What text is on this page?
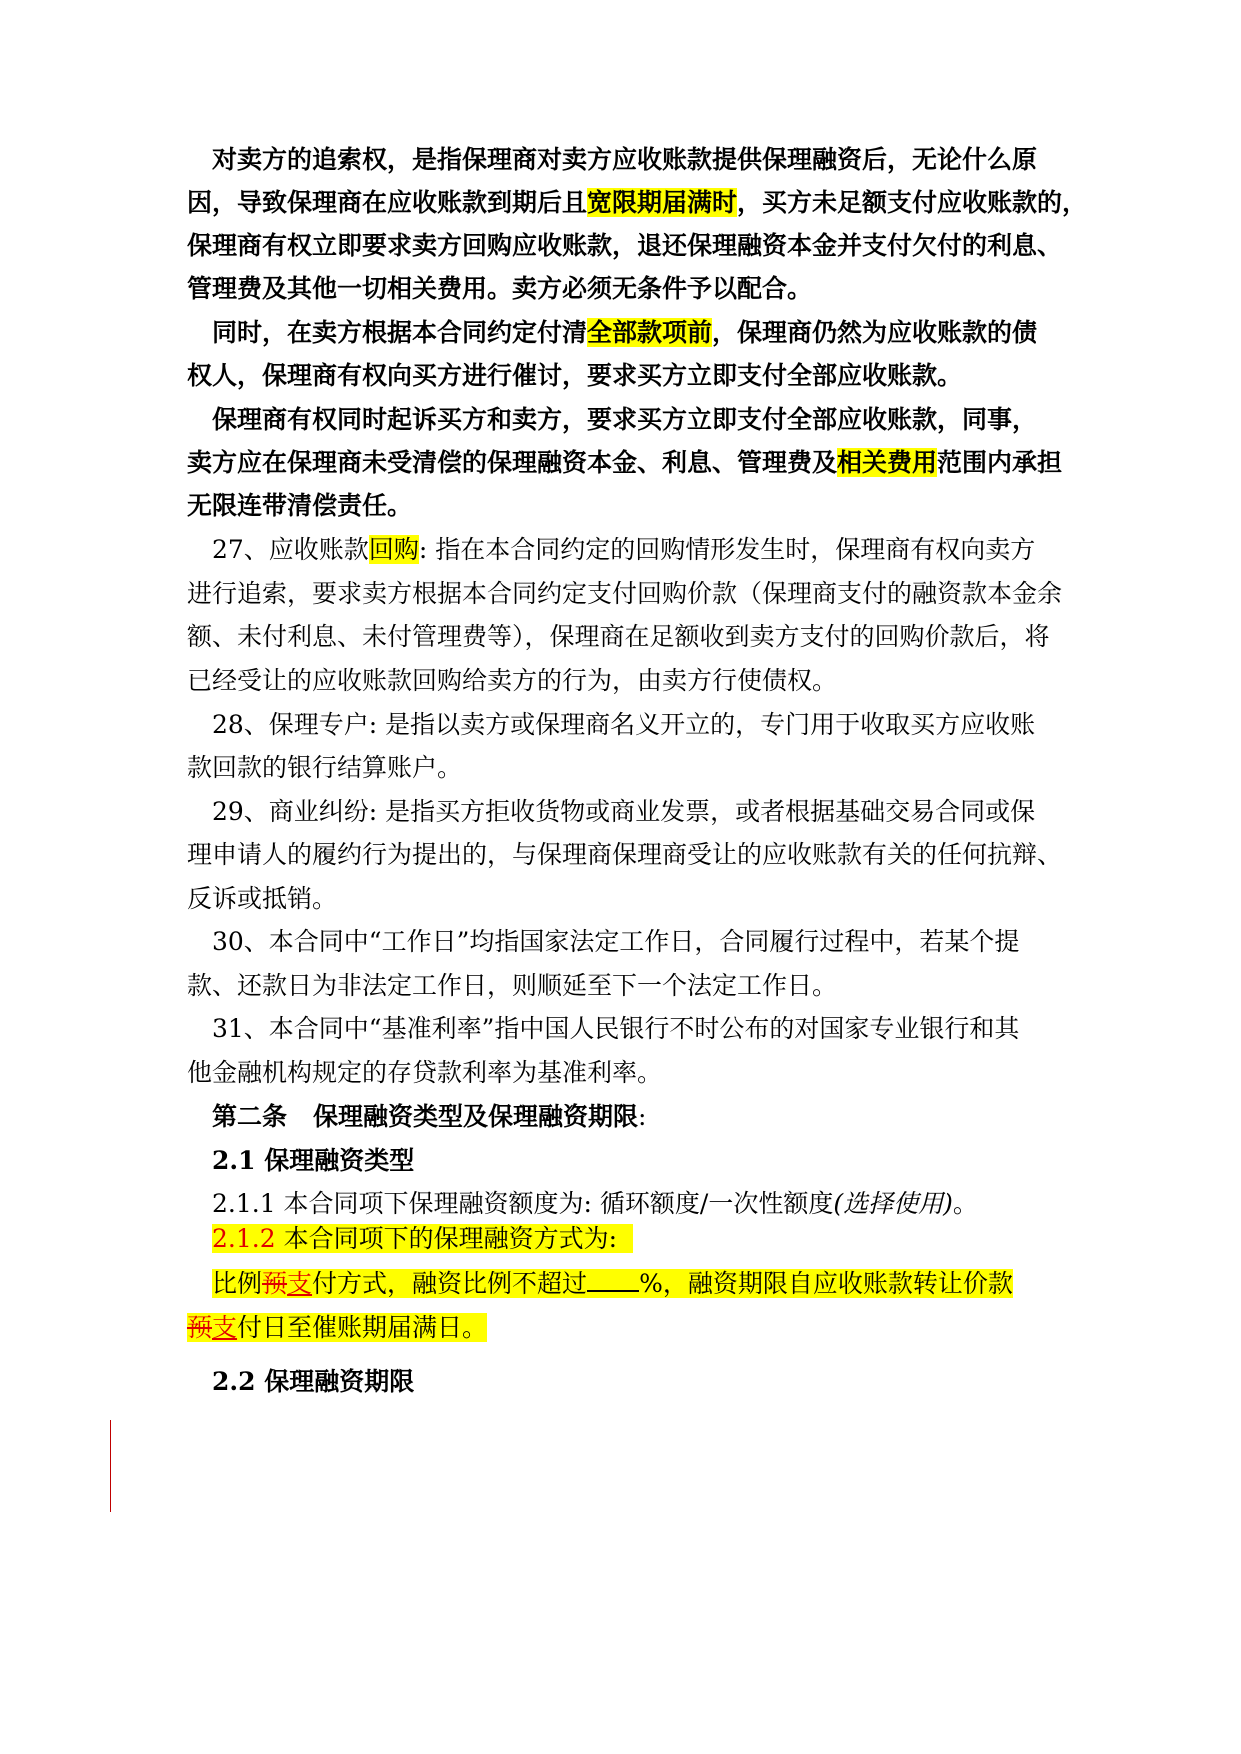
对卖方的追索权，是指保理商对卖方应收账款提供保理融资后，无论什么原
因，导致保理商在应收账款到期后且宽限期届满时，买方未足额支付应收账款的，
保理商有权立即要求卖方回购应收账款，退还保理融资本金并支付欠付的利息、
管理费及其他一切相关费用。卖方必须无条件予以配合。
同时，在卖方根据本合同约定付清全部款项前，保理商仍然为应收账款的债
权人，保理商有权向买方进行催讨，要求买方立即支付全部应收账款。
保理商有权同时起诉买方和卖方，要求买方立即支付全部应收账款，同事，
卖方应在保理商未受清偿的保理融资本金、利息、管理费及相关费用范围内承担
无限连带清偿责任。
27、应收账款回购: 指在本合同约定的回购情形发生时，保理商有权向卖方
进行追索，要求卖方根据本合同约定支付回购价款（保理商支付的融资款本金余
额、未付利息、未付管理费等），保理商在足额收到卖方支付的回购价款后，将
已经受让的应收账款回购给卖方的行为，由卖方行使债权。
28、保理专户: 是指以卖方或保理商名义开立的，专门用于收取买方应收账
款回款的银行结算账户。
29、商业纠纷: 是指买方拒收货物或商业发票，或者根据基础交易合同或保
理申请人的履约行为提出的，与保理商保理商受让的应收账款有关的任何抗辩、
反诉或抵销。
30、本合同中“工作日”均指国家法定工作日，合同履行过程中，若某个提
款、还款日为非法定工作日，则顺延至下一个法定工作日。
31、本合同中“基准利率”指中国人民银行不时公布的对国家专业银行和其
他金融机构规定的存贷款利率为基准利率。
第二条 保理融资类型及保理融资期限:
2.1 保理融资类型
2.1.1 本合同项下保理融资额度为: 循环额度/一次性额度(选择使用)。
2.1.2 本合同项下的保理融资方式为:
比例预支付方式，融资比例不超过 %，融资期限自应收账款转让价款
预支付日至催账期届满日。
2.2 保理融资期限
